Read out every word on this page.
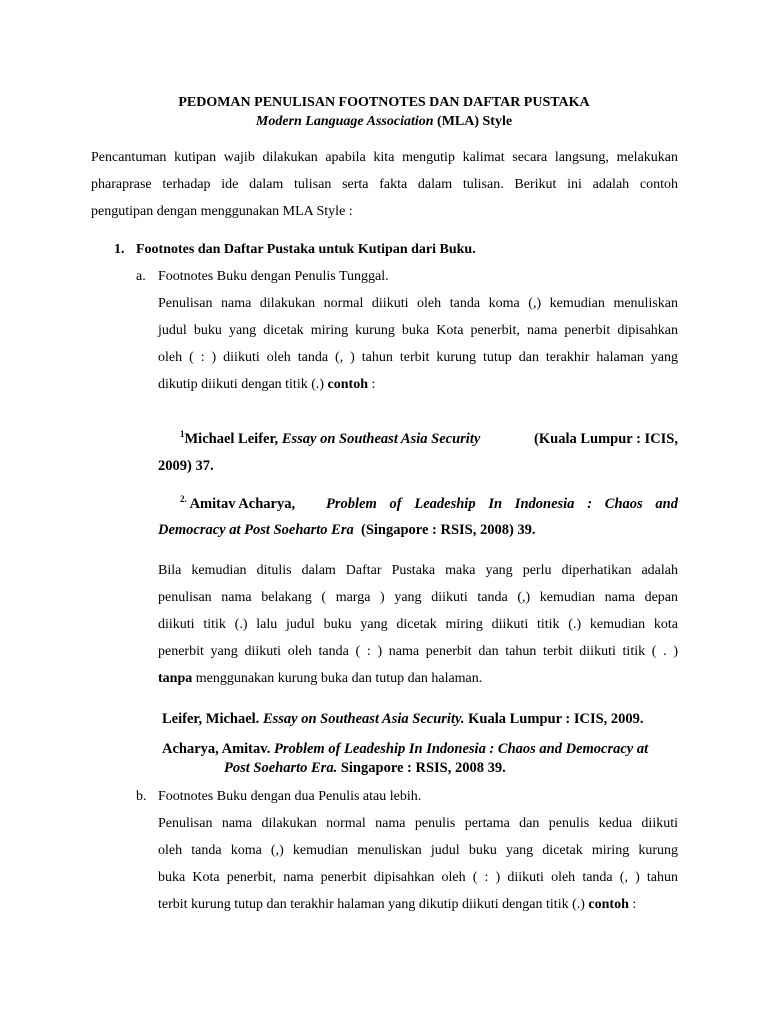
PEDOMAN PENULISAN FOOTNOTES DAN DAFTAR PUSTAKA
Modern Language Association (MLA) Style
Pencantuman kutipan wajib dilakukan apabila kita mengutip kalimat secara langsung, melakukan
pharaprase terhadap ide dalam tulisan serta fakta dalam tulisan. Berikut ini adalah contoh
pengutipan dengan menggunakan MLA Style :
1. Footnotes dan Daftar Pustaka untuk Kutipan dari Buku.
a. Footnotes Buku dengan Penulis Tunggal.
Penulisan nama dilakukan normal diikuti oleh tanda koma (,) kemudian menuliskan
judul buku yang dicetak miring kurung buka Kota penerbit, nama penerbit dipisahkan
oleh ( : ) diikuti oleh tanda (, ) tahun terbit kurung tutup dan terakhir halaman yang
dikutip diikuti dengan titik (.) contoh :
$^1$Michael Leifer, Essay on Southeast Asia Security	(Kuala Lumpur : ICIS,
2009) 37.
$^{2.}$ Amitav Acharya,	Problem of Leadeship In Indonesia : Chaos and
Democracy at Post Soeharto Era (Singapore : RSIS, 2008) 39.
Bila kemudian ditulis dalam Daftar Pustaka maka yang perlu diperhatikan adalah
penulisan nama belakang ( marga ) yang diikuti tanda (,) kemudian nama depan
diikuti titik (.) lalu judul buku yang dicetak miring diikuti titik (.) kemudian kota
penerbit yang diikuti oleh tanda ( : ) nama penerbit dan tahun terbit diikuti titik ( . )
tanpa menggunakan kurung buka dan tutup dan halaman.
Leifer, Michael. Essay on Southeast Asia Security. Kuala Lumpur : ICIS, 2009.
Acharya, Amitav. Problem of Leadeship In Indonesia : Chaos and Democracy at
Post Soeharto Era. Singapore : RSIS, 2008 39.
b. Footnotes Buku dengan dua Penulis atau lebih.
Penulisan nama dilakukan normal nama penulis pertama dan penulis kedua diikuti
oleh tanda koma (,) kemudian menuliskan judul buku yang dicetak miring kurung
buka Kota penerbit, nama penerbit dipisahkan oleh ( : ) diikuti oleh tanda (, ) tahun
terbit kurung tutup dan terakhir halaman yang dikutip diikuti dengan titik (.) contoh :
